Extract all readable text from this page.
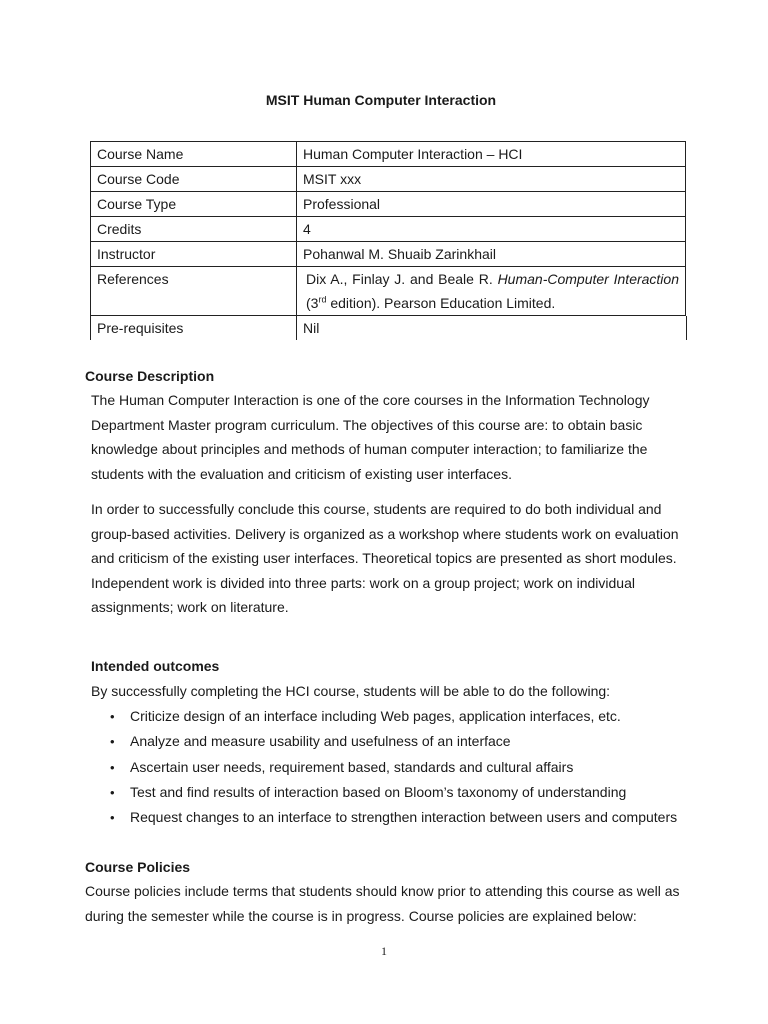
MSIT Human Computer Interaction
Course Name	Human Computer Interaction – HCI
Course Code	MSIT xxx
Course Type	Professional
Credits	4
Instructor	Pohanwal M. Shuaib Zarinkhail
References	Dix A., Finlay J. and Beale R. Human-Computer Interaction
(3rd edition). Pearson Education Limited.

Pre-requisites	Nil
Course Description
The Human Computer Interaction is one of the core courses in the Information Technology
Department Master program curriculum. The objectives of this course are: to obtain basic
knowledge about principles and methods of human computer interaction; to familiarize the
students with the evaluation and criticism of existing user interfaces.
In order to successfully conclude this course, students are required to do both individual and
group-based activities. Delivery is organized as a workshop where students work on evaluation
and criticism of the existing user interfaces. Theoretical topics are presented as short modules.
Independent work is divided into three parts: work on a group project; work on individual
assignments; work on literature.
Intended outcomes
By successfully completing the HCI course, students will be able to do the following:
• Criticize design of an interface including Web pages, application interfaces, etc.
• Analyze and measure usability and usefulness of an interface
• Ascertain user needs, requirement based, standards and cultural affairs
• Test and find results of interaction based on Bloom’s taxonomy of understanding
• Request changes to an interface to strengthen interaction between users and computers
Course Policies
Course policies include terms that students should know prior to attending this course as well as
during the semester while the course is in progress. Course policies are explained below:
1
